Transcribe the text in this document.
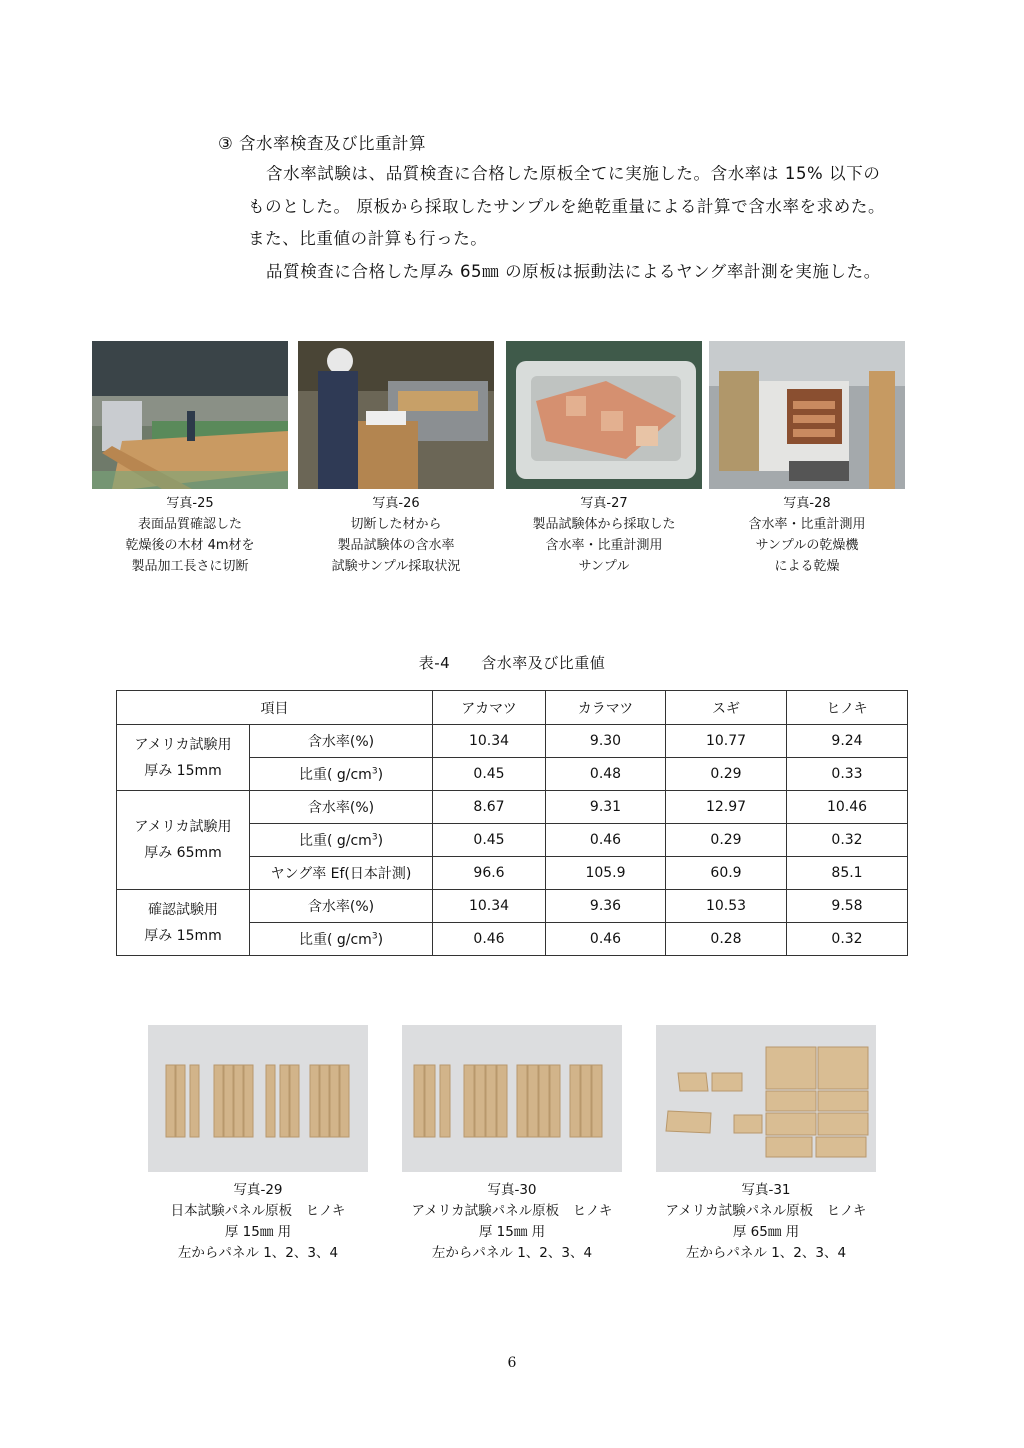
③ 含水率検査及び比重計算
含水率試験は、品質検査に合格した原板全てに実施した。含水率は 15% 以下のものとした。 原板から採取したサンプルを絶乾重量による計算で含水率を求めた。また、比重値の計算も行った。
品質検査に合格した厚み 65㎜ の原板は振動法によるヤング率計測を実施した。
写真-25
表面品質確認した
乾燥後の木材 4m材を
製品加工長さに切断
写真-26
切断した材から
製品試験体の含水率
試験サンプル採取状況
写真-27
製品試験体から採取した
含水率・比重計測用
サンプル
写真-28
含水率・比重計測用
サンプルの乾燥機
による乾燥
表-4　　含水率及び比重値
項目		アカマツ	カラマツ	スギ	ヒノキ

アメリカ試験用
厚み 15mm	含水率(%)	10.34	9.30	10.77	9.24
	比重( $g/cm^3$)	0.45	0.48	0.29	0.33

アメリカ試験用
厚み 65mm	含水率(%)	8.67	9.31	12.97	10.46
	比重( $g/cm^3$)	0.45	0.46	0.29	0.32
	ヤング率 Ef(日本計測)	96.6	105.9	60.9	85.1

確認試験用
厚み 15mm	含水率(%)	10.34	9.36	10.53	9.58
	比重( $g/cm^3$)	0.46	0.46	0.28	0.32
写真-29
日本試験パネル原板　ヒノキ
厚 15㎜ 用
左からパネル 1、2、3、4
写真-30
アメリカ試験パネル原板　ヒノキ
厚 15㎜ 用
左からパネル 1、2、3、4
写真-31
アメリカ試験パネル原板　ヒノキ
厚 65㎜ 用
左からパネル 1、2、3、4
6
